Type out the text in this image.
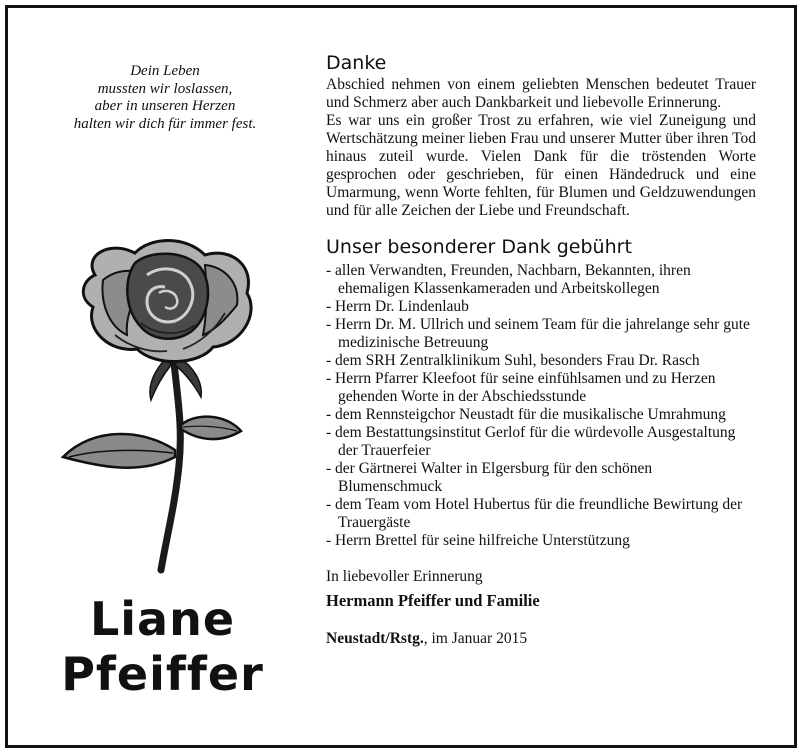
Dein Leben
mussten wir loslassen,
aber in unseren Herzen
halten wir dich für immer fest.
Liane
Pfeiffer
Danke
Abschied nehmen von einem geliebten Menschen bedeutet Trauer und Schmerz aber auch Dankbarkeit und liebevolle Erinnerung.
Es war uns ein großer Trost zu erfahren, wie viel Zuneigung und Wertschätzung meiner lieben Frau und unserer Mutter über ihren Tod hinaus zuteil wurde. Vielen Dank für die tröstenden Worte gesprochen oder geschrieben, für einen Händedruck und eine Umarmung, wenn Worte fehlten, für Blumen und Geldzuwendungen und für alle Zeichen der Liebe und Freundschaft.
Unser besonderer Dank gebührt
- allen Verwandten, Freunden, Nachbarn, Bekannten, ihren ehemaligen Klassenkameraden und Arbeitskollegen
- Herrn Dr. Lindenlaub
- Herrn Dr. M. Ullrich und seinem Team für die jahrelange sehr gute medizinische Betreuung
- dem SRH Zentralklinikum Suhl, besonders Frau Dr. Rasch
- Herrn Pfarrer Kleefoot für seine einfühlsamen und zu Herzen gehenden Worte in der Abschiedsstunde
- dem Rennsteigchor Neustadt für die musikalische Umrahmung
- dem Bestattungsinstitut Gerlof für die würdevolle Ausgestaltung der Trauerfeier
- der Gärtnerei Walter in Elgersburg für den schönen Blumenschmuck
- dem Team vom Hotel Hubertus für die freundliche Bewirtung der Trauergäste
- Herrn Brettel für seine hilfreiche Unterstützung
In liebevoller Erinnerung
Hermann Pfeiffer und Familie
Neustadt/Rstg., im Januar 2015
